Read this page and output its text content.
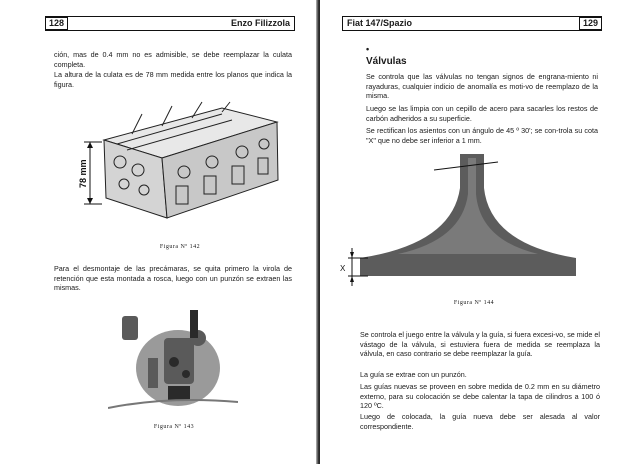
128	Enzo Filizzola
ción, mas de 0.4 mm no es admisible, se debe reemplazar la culata completa.
La altura de la culata es de 78 mm medida entre los planos que indica la figura.
78 mm
Figura Nº 142
Para el desmontaje de las precámaras, se quita primero la virola de retención que esta montada a rosca, luego con un punzón se extraen las mismas.
Figura Nº 143
Fiat 147/Spazio	129
•
Válvulas
Se controla que las válvulas no tengan signos de engrana-miento ni rayaduras, cualquier indicio de anomalía es moti-vo de reemplazo de la misma.
Luego se las limpia con un cepillo de acero para sacarles los restos de carbón adheridos a su superficie.
Se rectifican los asientos con un ángulo de 45 º 30'; se con-trola su cota "X" que no debe ser inferior a 1 mm.
X
Figura Nº 144
Se controla el juego entre la válvula y la guía, si fuera excesi-vo, se mide el vástago de la válvula, si estuviera fuera de medida se reemplaza la válvula, en caso contrario se debe reemplazar la guía.
La guía se extrae con un punzón.
Las guías nuevas se proveen en sobre medida de 0.2 mm en su diámetro externo, para su colocación se debe calentar la tapa de cilindros a 100 ó 120 ºC.
Luego de colocada, la guía nueva debe ser alesada al valor correspondiente.
